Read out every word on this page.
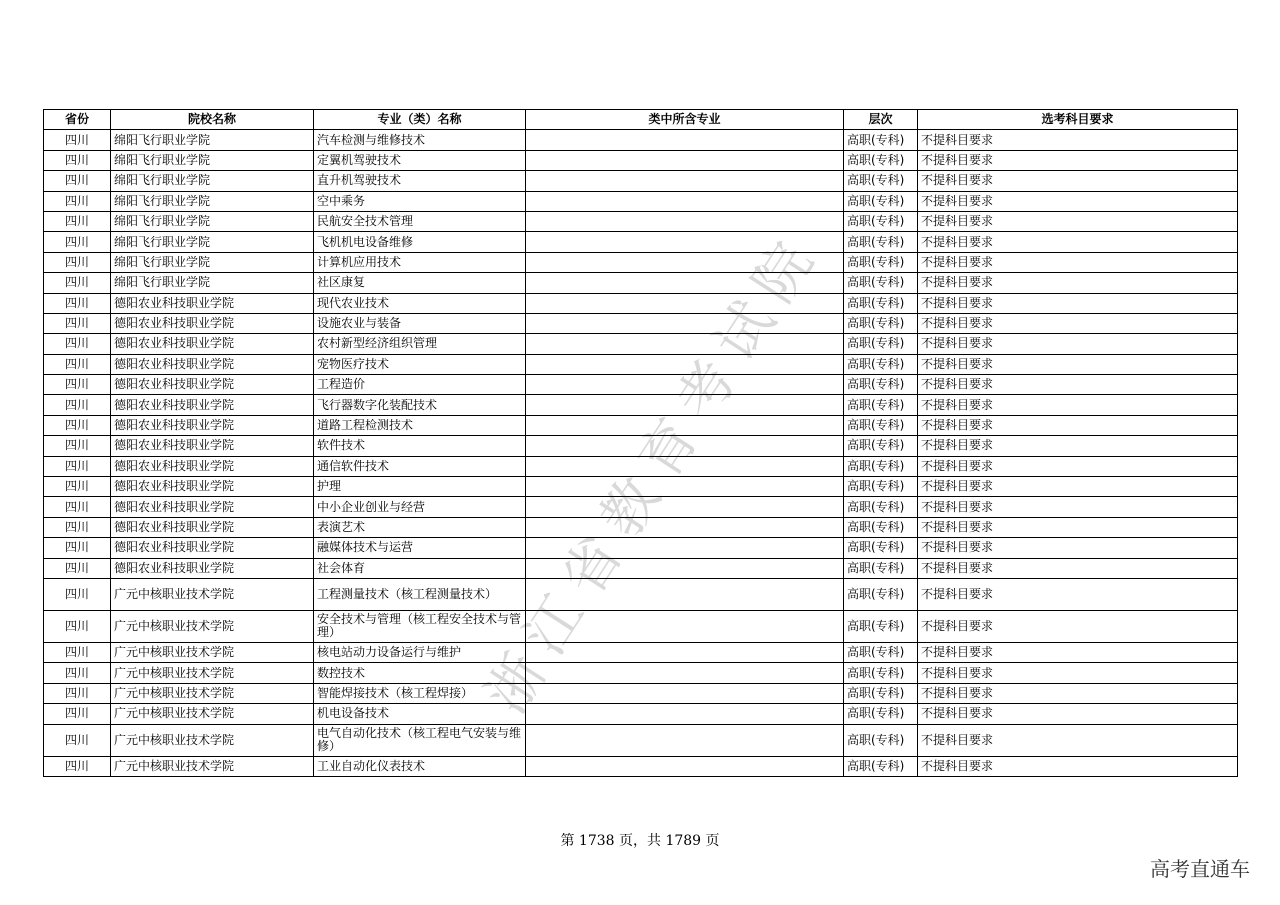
浙江省教育考试院
省份	院校名称	专业（类）名称	类中所含专业	层次	选考科目要求
四川	绵阳飞行职业学院	汽车检测与维修技术		高职(专科)	不提科目要求
四川	绵阳飞行职业学院	定翼机驾驶技术		高职(专科)	不提科目要求
四川	绵阳飞行职业学院	直升机驾驶技术		高职(专科)	不提科目要求
四川	绵阳飞行职业学院	空中乘务		高职(专科)	不提科目要求
四川	绵阳飞行职业学院	民航安全技术管理		高职(专科)	不提科目要求
四川	绵阳飞行职业学院	飞机机电设备维修		高职(专科)	不提科目要求
四川	绵阳飞行职业学院	计算机应用技术		高职(专科)	不提科目要求
四川	绵阳飞行职业学院	社区康复		高职(专科)	不提科目要求
四川	德阳农业科技职业学院	现代农业技术		高职(专科)	不提科目要求
四川	德阳农业科技职业学院	设施农业与装备		高职(专科)	不提科目要求
四川	德阳农业科技职业学院	农村新型经济组织管理		高职(专科)	不提科目要求
四川	德阳农业科技职业学院	宠物医疗技术		高职(专科)	不提科目要求
四川	德阳农业科技职业学院	工程造价		高职(专科)	不提科目要求
四川	德阳农业科技职业学院	飞行器数字化装配技术		高职(专科)	不提科目要求
四川	德阳农业科技职业学院	道路工程检测技术		高职(专科)	不提科目要求
四川	德阳农业科技职业学院	软件技术		高职(专科)	不提科目要求
四川	德阳农业科技职业学院	通信软件技术		高职(专科)	不提科目要求
四川	德阳农业科技职业学院	护理		高职(专科)	不提科目要求
四川	德阳农业科技职业学院	中小企业创业与经营		高职(专科)	不提科目要求
四川	德阳农业科技职业学院	表演艺术		高职(专科)	不提科目要求
四川	德阳农业科技职业学院	融媒体技术与运营		高职(专科)	不提科目要求
四川	德阳农业科技职业学院	社会体育		高职(专科)	不提科目要求
四川	广元中核职业技术学院	工程测量技术（核工程测量技术）		高职(专科)	不提科目要求
四川	广元中核职业技术学院	安全技术与管理（核工程安全技术与管理）		高职(专科)	不提科目要求
四川	广元中核职业技术学院	核电站动力设备运行与维护		高职(专科)	不提科目要求
四川	广元中核职业技术学院	数控技术		高职(专科)	不提科目要求
四川	广元中核职业技术学院	智能焊接技术（核工程焊接）		高职(专科)	不提科目要求
四川	广元中核职业技术学院	机电设备技术		高职(专科)	不提科目要求
四川	广元中核职业技术学院	电气自动化技术（核工程电气安装与维修）		高职(专科)	不提科目要求
四川	广元中核职业技术学院	工业自动化仪表技术		高职(专科)	不提科目要求
第 1738 页，共 1789 页
高考直通车
